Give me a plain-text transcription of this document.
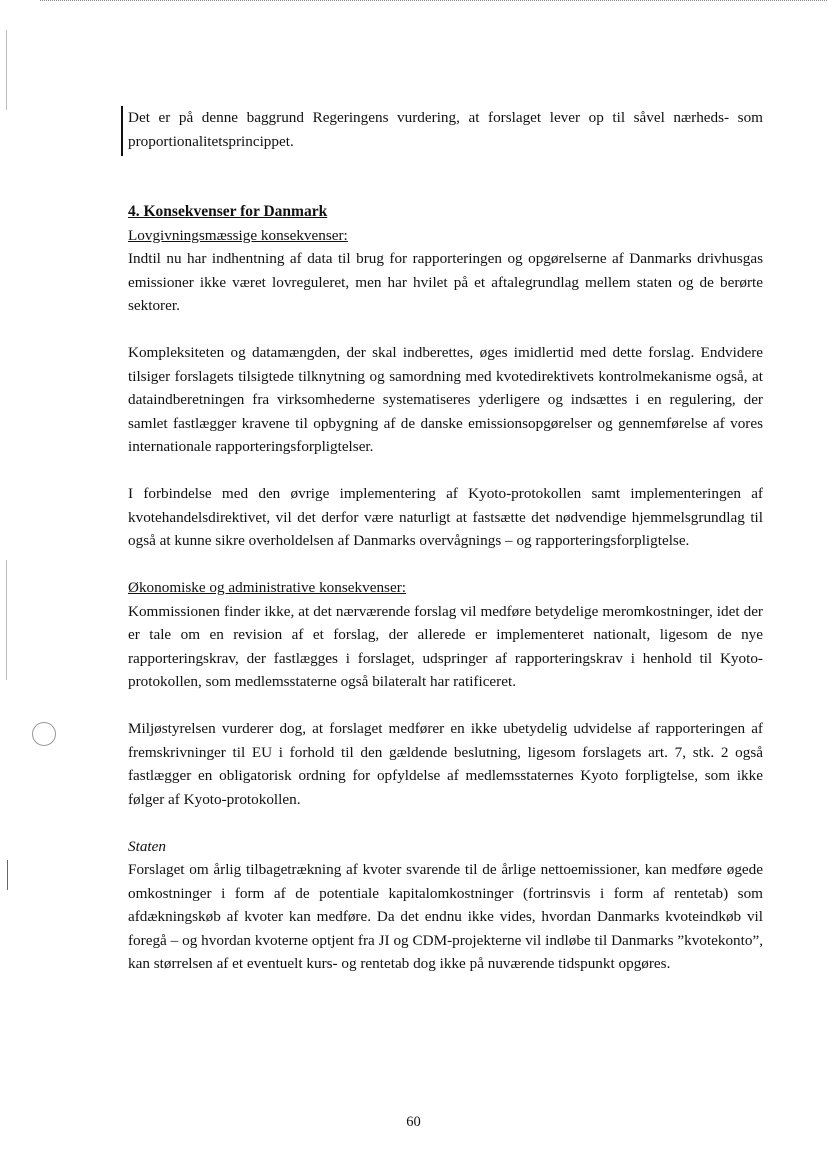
Det er på denne baggrund Regeringens vurdering, at forslaget lever op til såvel nærheds- som proportionalitetsprincippet.

4. Konsekvenser for Danmark

Lovgivningsmæssige konsekvenser:

Indtil nu har indhentning af data til brug for rapporteringen og opgørelserne af Danmarks drivhusgas emissioner ikke været lovreguleret, men har hvilet på et aftalegrundlag mellem staten og de berørte sektorer.

Kompleksiteten og datamængden, der skal indberettes, øges imidlertid med dette forslag. Endvidere tilsiger forslagets tilsigtede tilknytning og samordning med kvotedirektivets kontrolmekanisme også, at dataindberetningen fra virksomhederne systematiseres yderligere og indsættes i en regulering, der samlet fastlægger kravene til opbygning af de danske emissionsopgørelser og gennemførelse af vores internationale rapporteringsforpligtelser.

I forbindelse med den øvrige implementering af Kyoto-protokollen samt implementeringen af kvotehandelsdirektivet, vil det derfor være naturligt at fastsætte det nødvendige hjemmelsgrundlag til også at kunne sikre overholdelsen af Danmarks overvågnings – og rapporteringsforpligtelse.

Økonomiske og administrative konsekvenser:

Kommissionen finder ikke, at det nærværende forslag vil medføre betydelige meromkostninger, idet der er tale om en revision af et forslag, der allerede er implementeret nationalt, ligesom de nye rapporteringskrav, der fastlægges i forslaget, udspringer af rapporteringskrav i henhold til Kyoto-protokollen, som medlemsstaterne også bilateralt har ratificeret.

Miljøstyrelsen vurderer dog, at forslaget medfører en ikke ubetydelig udvidelse af rapporteringen af fremskrivninger til EU i forhold til den gældende beslutning, ligesom forslagets art. 7, stk. 2 også fastlægger en obligatorisk ordning for opfyldelse af medlemsstaternes Kyoto forpligtelse, som ikke følger af Kyoto-protokollen.

Staten

Forslaget om årlig tilbagetrækning af kvoter svarende til de årlige nettoemissioner, kan medføre øgede omkostninger i form af de potentiale kapitalomkostninger (fortrinsvis i form af rentetab) som afdækningskøb af kvoter kan medføre. Da det endnu ikke vides, hvordan Danmarks kvoteindkøb vil foregå – og hvordan kvoterne optjent fra JI og CDM-projekterne vil indløbe til Danmarks ”kvotekonto”, kan størrelsen af et eventuelt kurs- og rentetab dog ikke på nuværende tidspunkt opgøres.

60
